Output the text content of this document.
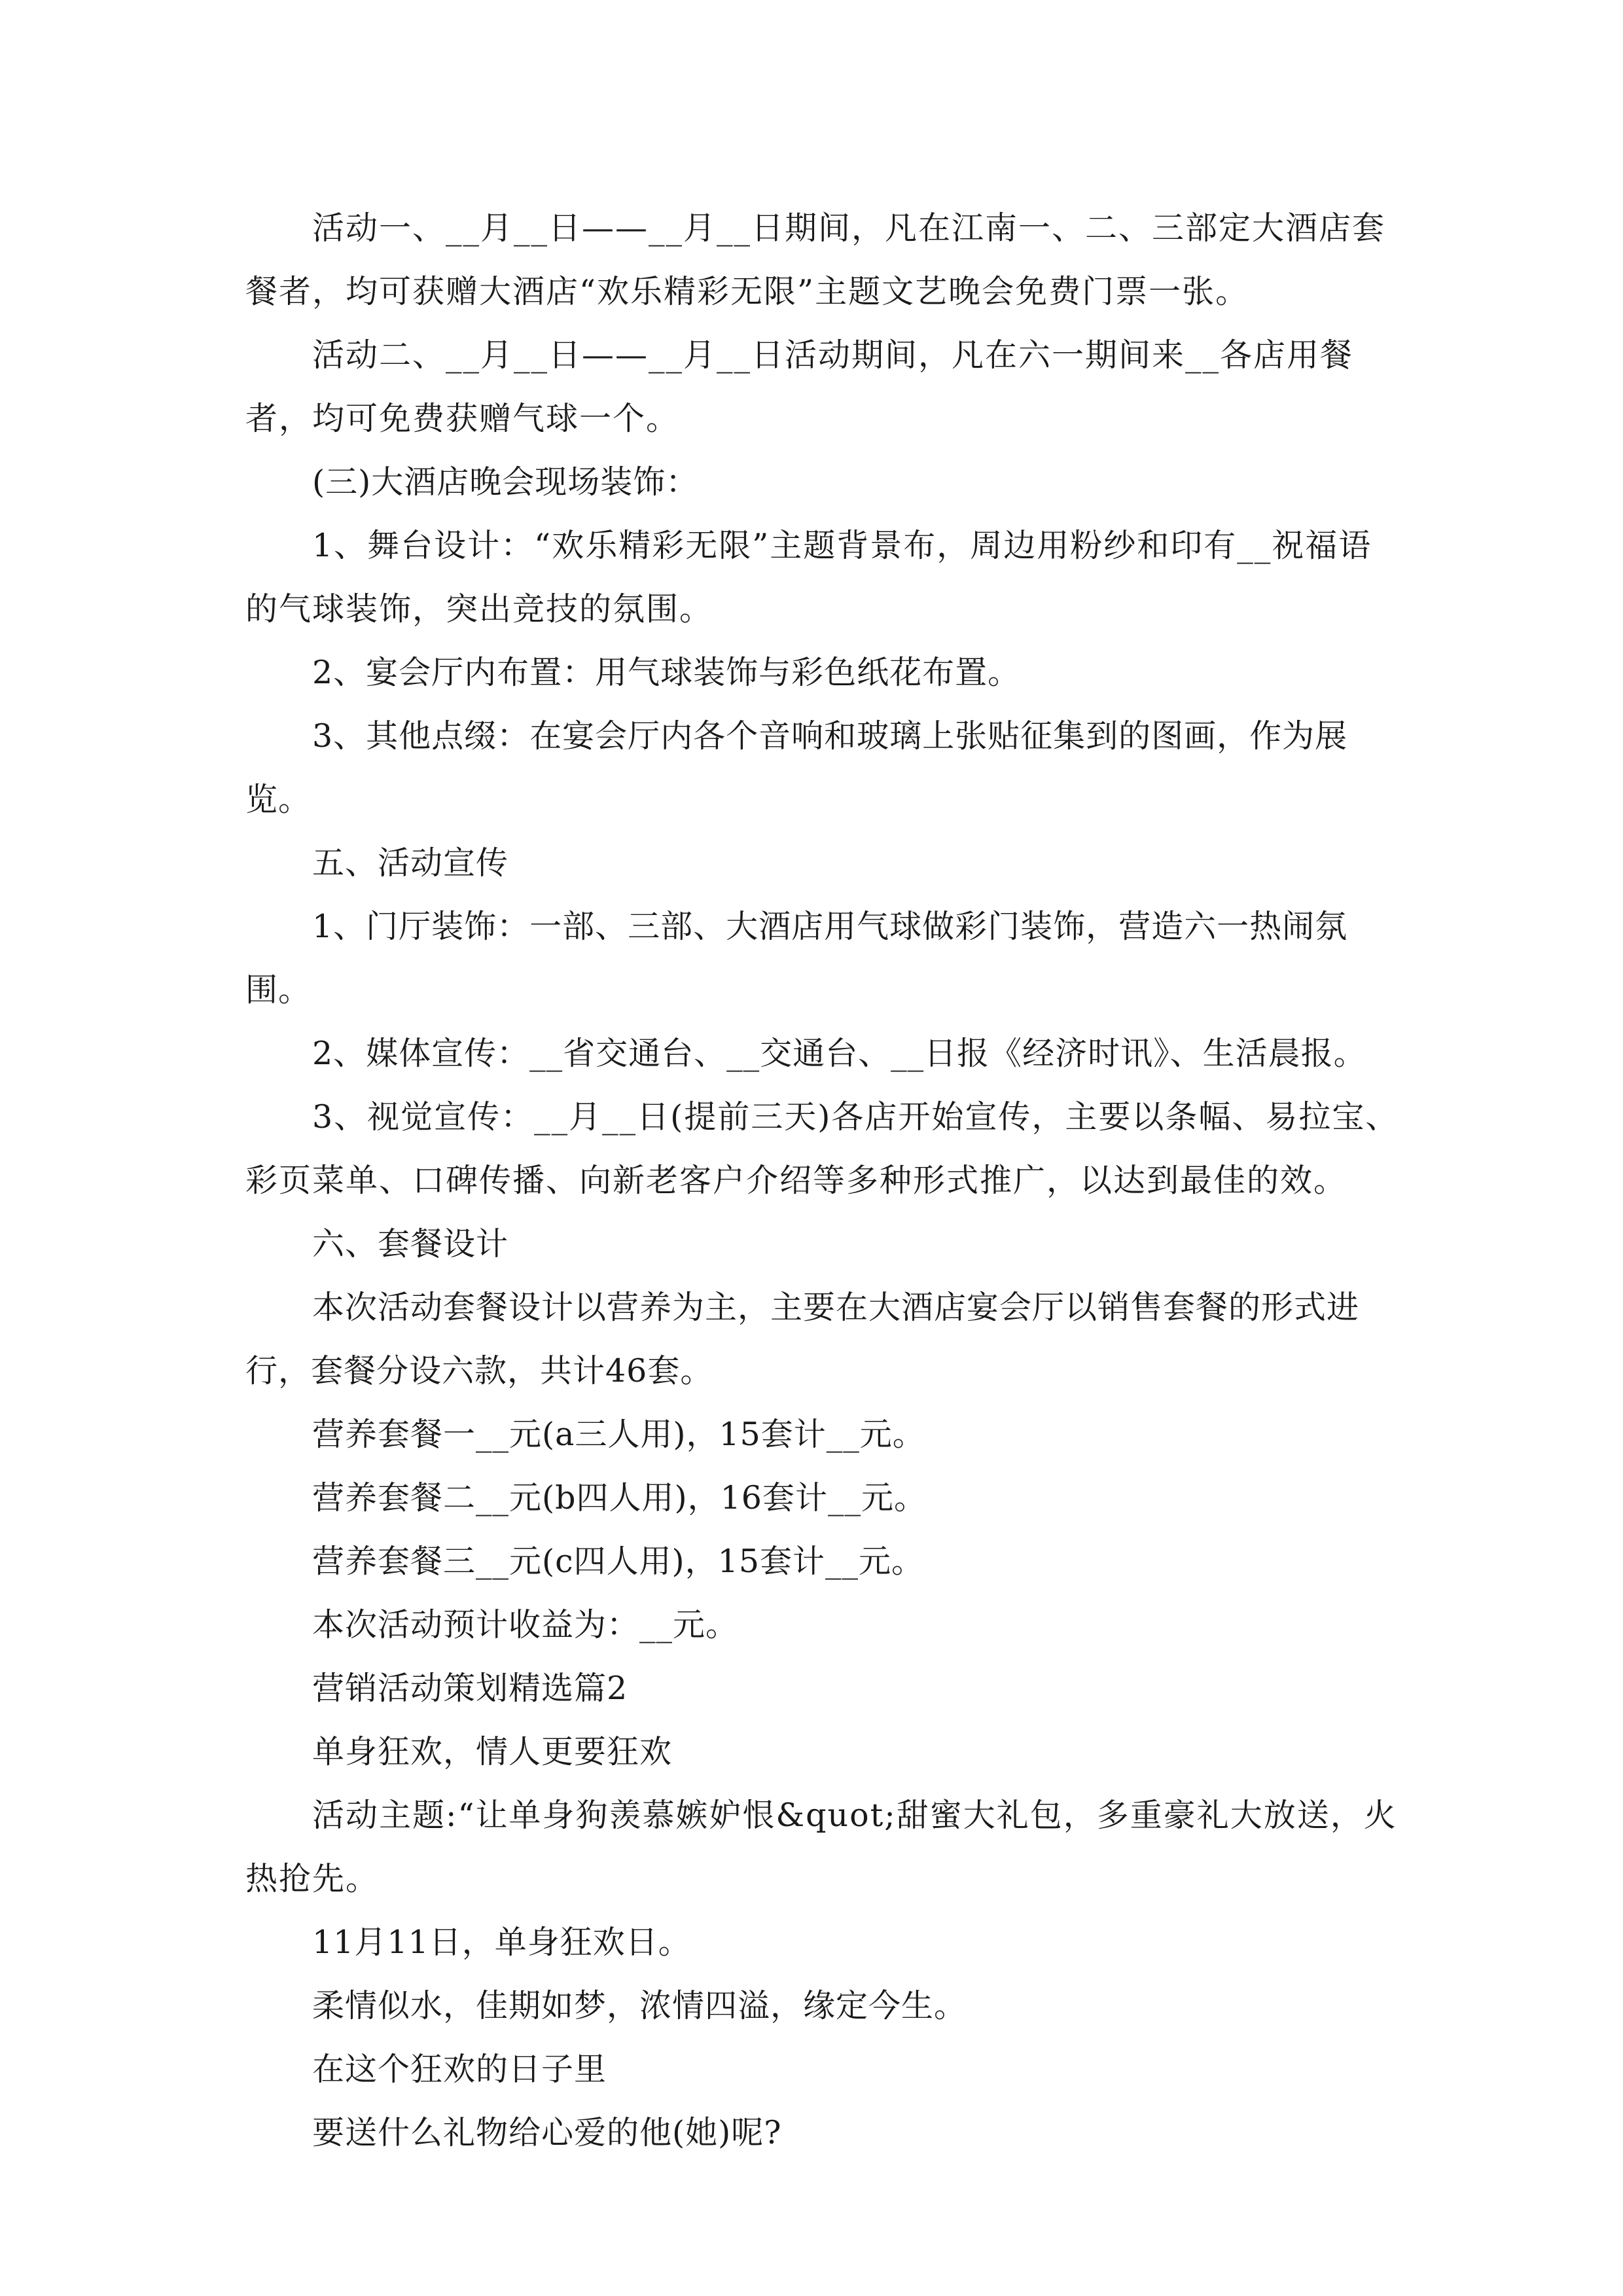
活动一、__月__日——__月__日期间，凡在江南一、二、三部定大酒店套餐者，均可获赠大酒店“欢乐精彩无限”主题文艺晚会免费门票一张。

活动二、__月__日——__月__日活动期间，凡在六一期间来__各店用餐者，均可免费获赠气球一个。

(三)大酒店晚会现场装饰：

1、舞台设计：“欢乐精彩无限”主题背景布，周边用粉纱和印有__祝福语的气球装饰，突出竞技的氛围。

2、宴会厅内布置：用气球装饰与彩色纸花布置。

3、其他点缀：在宴会厅内各个音响和玻璃上张贴征集到的图画，作为展览。

五、活动宣传

1、门厅装饰：一部、三部、大酒店用气球做彩门装饰，营造六一热闹氛围。

2、媒体宣传：__省交通台、__交通台、__日报《经济时讯》、生活晨报。

3、视觉宣传：__月__日(提前三天)各店开始宣传，主要以条幅、易拉宝、彩页菜单、口碑传播、向新老客户介绍等多种形式推广，以达到最佳的效。

六、套餐设计

本次活动套餐设计以营养为主，主要在大酒店宴会厅以销售套餐的形式进行，套餐分设六款，共计46套。

营养套餐一__元(a三人用)，15套计__元。

营养套餐二__元(b四人用)，16套计__元。

营养套餐三__元(c四人用)，15套计__元。

本次活动预计收益为：__元。

营销活动策划精选篇2

单身狂欢，情人更要狂欢

活动主题:“让单身狗羡慕嫉妒恨&quot;甜蜜大礼包，多重豪礼大放送，火热抢先。

11月11日，单身狂欢日。

柔情似水，佳期如梦，浓情四溢，缘定今生。

在这个狂欢的日子里

要送什么礼物给心爱的他(她)呢?
